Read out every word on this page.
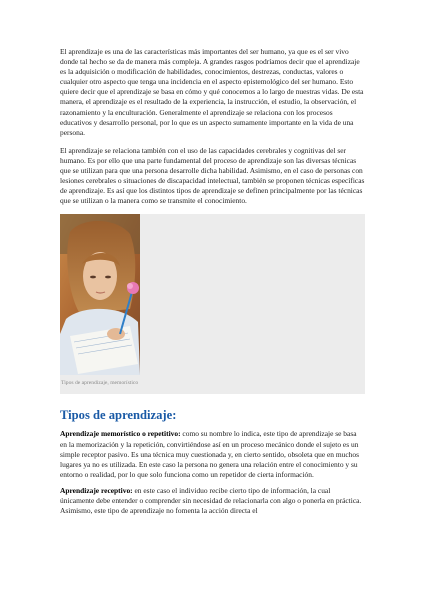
El aprendizaje es una de las características más importantes del ser humano, ya que es el ser vivo donde tal hecho se da de manera más compleja. A grandes rasgos podríamos decir que el aprendizaje es la adquisición o modificación de habilidades, conocimientos, destrezas, conductas, valores o cualquier otro aspecto que tenga una incidencia en el aspecto epistemológico del ser humano. Esto quiere decir que el aprendizaje se basa en cómo y qué conocemos a lo largo de nuestras vidas. De esta manera, el aprendizaje es el resultado de la experiencia, la instrucción, el estudio, la observación, el razonamiento y la enculturación. Generalmente el aprendizaje se relaciona con los procesos educativos y desarrollo personal, por lo que es un aspecto sumamente importante en la vida de una persona.

El aprendizaje se relaciona también con el uso de las capacidades cerebrales y cognitivas del ser humano. Es por ello que una parte fundamental del proceso de aprendizaje son las diversas técnicas que se utilizan para que una persona desarrolle dicha habilidad. Asimismo, en el caso de personas con lesiones cerebrales o situaciones de discapacidad intelectual, también se proponen técnicas específicas de aprendizaje. Es así que los distintos tipos de aprendizaje se definen principalmente por las técnicas que se utilizan o la manera como se transmite el conocimiento.

Tipos de aprendizaje, memorístico
Tipos de aprendizaje:

Aprendizaje memorístico o repetitivo: como su nombre lo indica, este tipo de aprendizaje se basa en la memorización y la repetición, convirtiéndose así en un proceso mecánico donde el sujeto es un simple receptor pasivo. Es una técnica muy cuestionada y, en cierto sentido, obsoleta que en muchos lugares ya no es utilizada. En este caso la persona no genera una relación entre el conocimiento y su entorno o realidad, por lo que solo funciona como un repetidor de cierta información.

Aprendizaje receptivo: en este caso el individuo recibe cierto tipo de información, la cual únicamente debe entender o comprender sin necesidad de relacionarla con algo o ponerla en práctica. Asimismo, este tipo de aprendizaje no fomenta la acción directa el
